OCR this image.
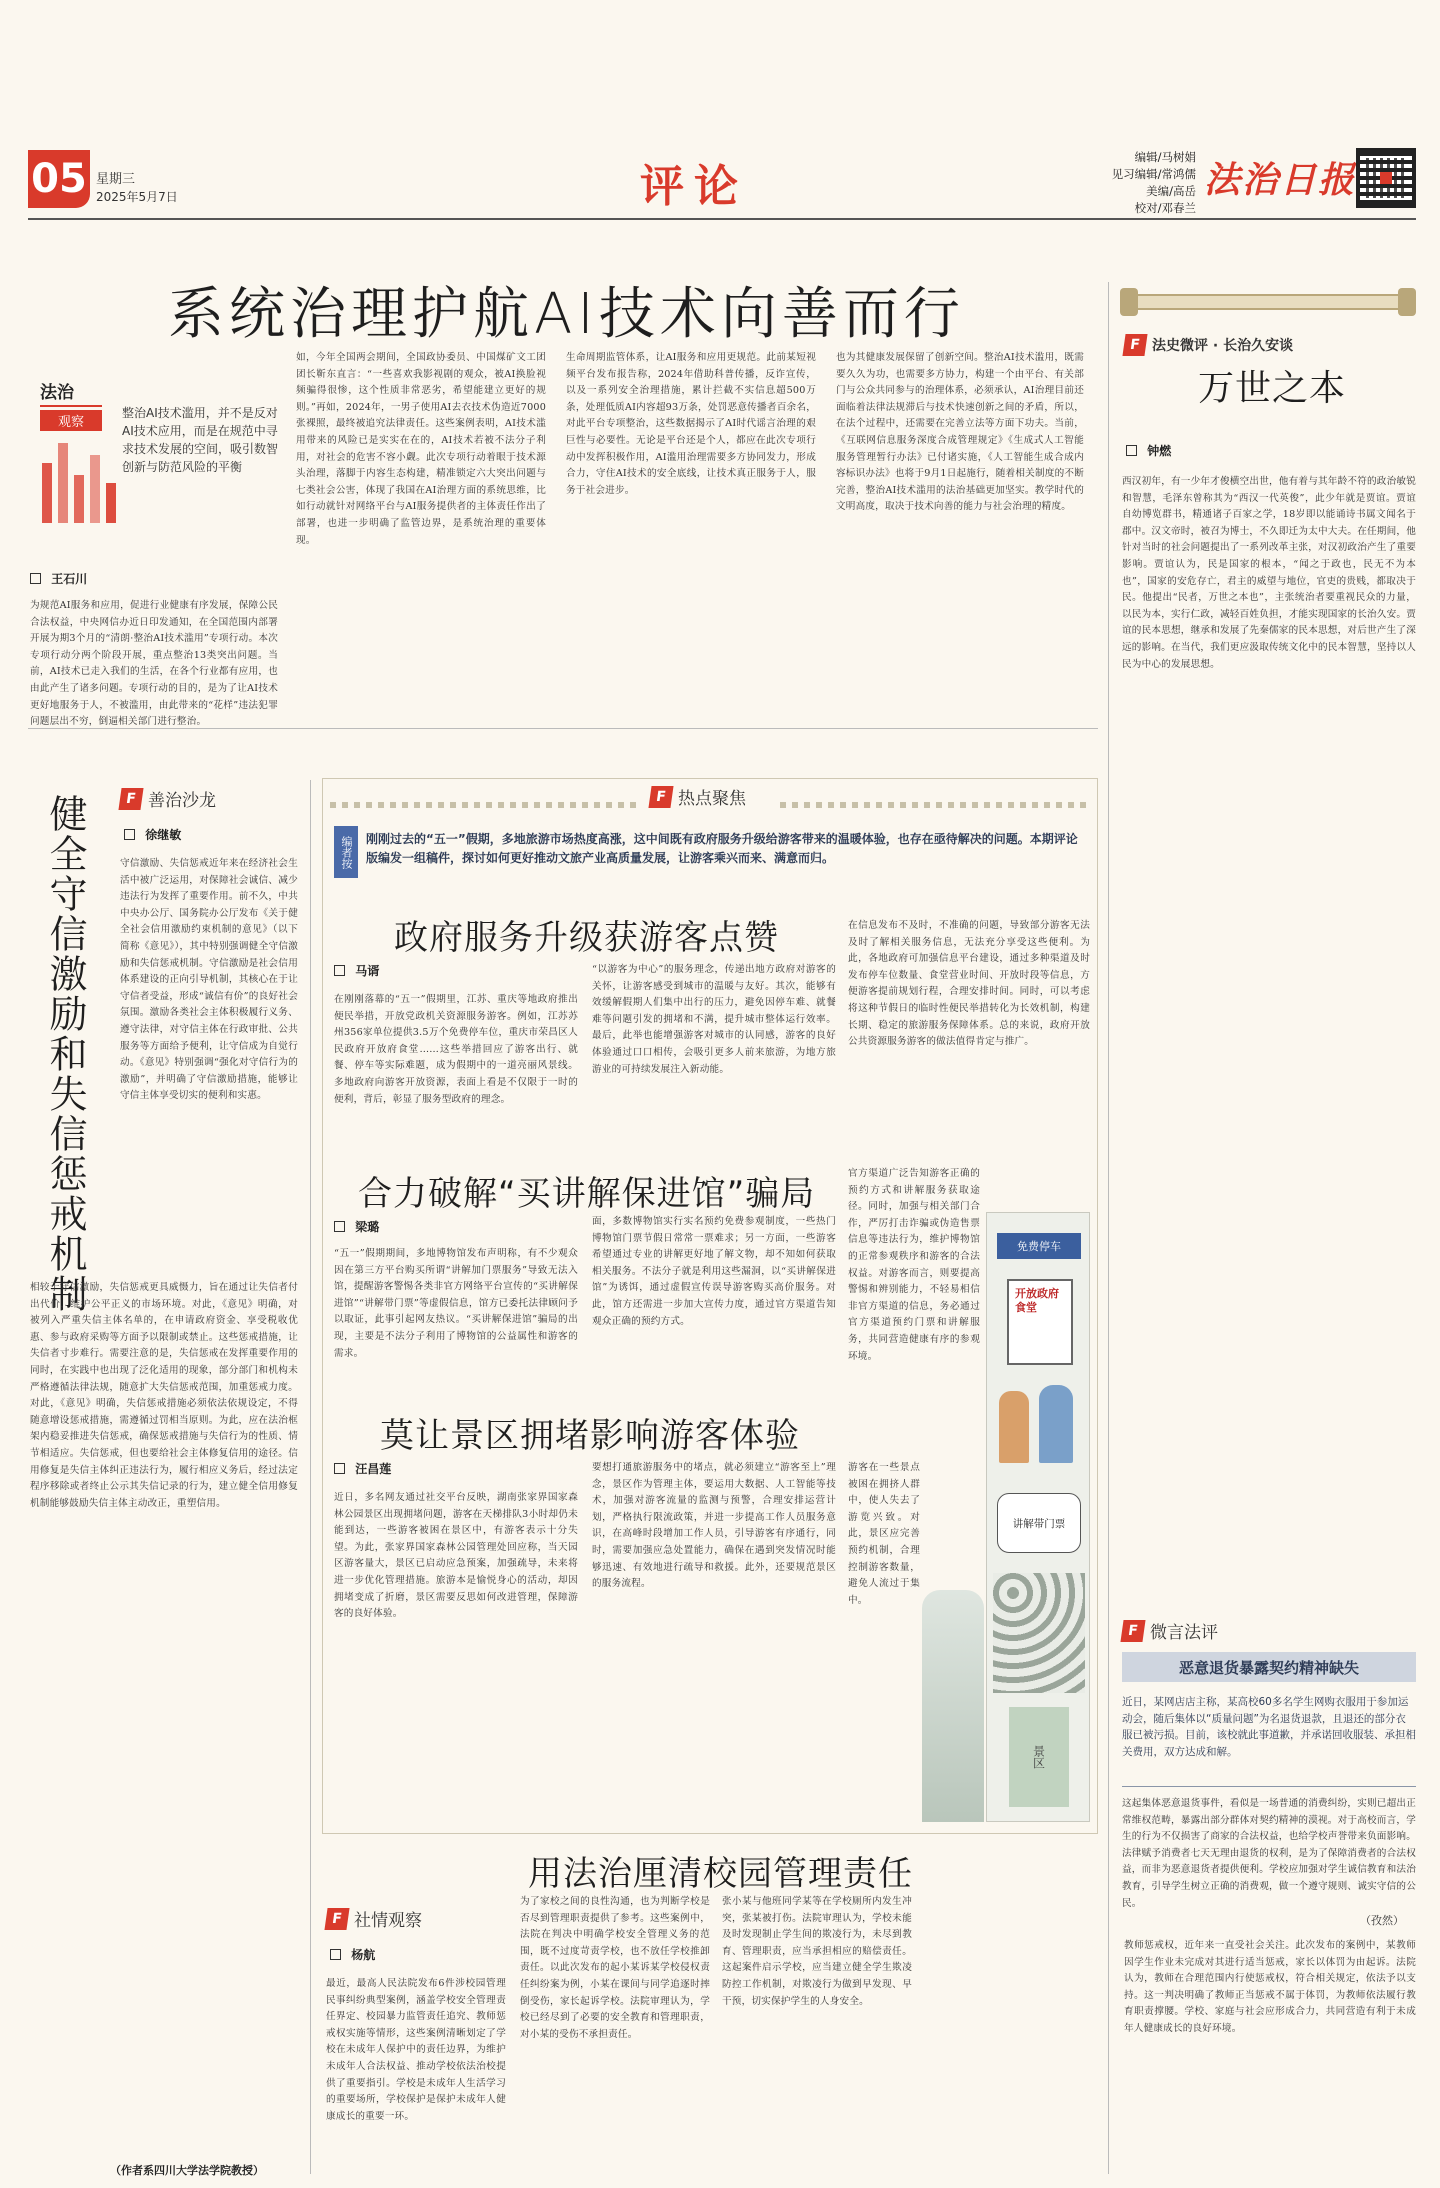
05 星期三
2025年5月7日	评论
编辑/马树娟
见习编辑/常鸿儒
美编/高岳
校对/邓春兰
法治日报
系统治理护航AI技术向善而行
法治
观察
整治AI技术滥用，并不是反对AI技术应用，而是在规范中寻求技术发展的空间，吸引数智创新与防范风险的平衡
王石川
为规范AI服务和应用，促进行业健康有序发展，保障公民合法权益，中央网信办近日印发通知，在全国范围内部署开展为期3个月的“清朗·整治AI技术滥用”专项行动。本次专项行动分两个阶段开展，重点整治13类突出问题。当前，AI技术已走入我们的生活，在各个行业都有应用，也由此产生了诸多问题。专项行动的目的，是为了让AI技术更好地服务于人，不被滥用，由此带来的“花样”违法犯罪问题层出不穷，倒逼相关部门进行整治。
如，今年全国两会期间，全国政协委员、中国煤矿文工团团长靳东直言：“一些喜欢我影视剧的观众，被AI换脸视频骗得很惨，这个性质非常恶劣，希望能建立更好的规则。”再如，2024年，一男子使用AI去衣技术伪造近7000张裸照，最终被追究法律责任。这些案例表明，AI技术滥用带来的风险已是实实在在的，AI技术若被不法分子利用，对社会的危害不容小觑。此次专项行动着眼于技术源头治理，落脚于内容生态构建，精准锁定六大突出问题与七类社会公害，体现了我国在AI治理方面的系统思维，比如行动就针对网络平台与AI服务提供者的主体责任作出了部署，也进一步明确了监管边界，是系统治理的重要体现。
生命周期监管体系，让AI服务和应用更规范。此前某短视频平台发布报告称，2024年借助科普传播，反诈宣传，以及一系列安全治理措施，累计拦截不实信息超500万条，处理低质AI内容超93万条，处罚恶意传播者百余名，对此平台专项整治，这些数据揭示了AI时代谣言治理的艰巨性与必要性。无论是平台还是个人，都应在此次专项行动中发挥积极作用，AI滥用治理需要多方协同发力，形成合力，守住AI技术的安全底线，让技术真正服务于人，服务于社会进步。
也为其健康发展保留了创新空间。整治AI技术滥用，既需要久久为功，也需要多方协力，构建一个由平台、有关部门与公众共同参与的治理体系，必须承认，AI治理目前还面临着法律法规滞后与技术快速创新之间的矛盾，所以，在法个过程中，还需要在完善立法等方面下功夫。当前，《互联网信息服务深度合成管理规定》《生成式人工智能服务管理暂行办法》已付诸实施，《人工智能生成合成内容标识办法》也将于9月1日起施行，随着相关制度的不断完善，整治AI技术滥用的法治基础更加坚实。教学时代的文明高度，取决于技术向善的能力与社会治理的精度。
F 法史微评 · 长治久安谈
万世之本
钟燃
西汉初年，有一少年才俊横空出世，他有着与其年龄不符的政治敏锐和智慧，毛泽东曾称其为“西汉一代英俊”，此少年就是贾谊。贾谊自幼博览群书，精通诸子百家之学，18岁即以能诵诗书属文闻名于郡中。汉文帝时，被召为博士，不久即迁为太中大夫。在任期间，他针对当时的社会问题提出了一系列改革主张，对汉初政治产生了重要影响。贾谊认为，民是国家的根本，“闻之于政也，民无不为本也”，国家的安危存亡，君主的威望与地位，官吏的贵贱，都取决于民。他提出“民者，万世之本也”，主张统治者要重视民众的力量，以民为本，实行仁政，减轻百姓负担，才能实现国家的长治久安。贾谊的民本思想，继承和发展了先秦儒家的民本思想，对后世产生了深远的影响。在当代，我们更应汲取传统文化中的民本智慧，坚持以人民为中心的发展思想。
F 微言法评
恶意退货暴露契约精神缺失
近日，某网店店主称，某高校60多名学生网购衣服用于参加运动会，随后集体以“质量问题”为名退货退款，且退还的部分衣服已被污损。目前，该校就此事道歉，并承诺回收服装、承担相关费用，双方达成和解。
这起集体恶意退货事件，看似是一场普通的消费纠纷，实则已超出正常维权范畴，暴露出部分群体对契约精神的漠视。对于高校而言，学生的行为不仅损害了商家的合法权益，也给学校声誉带来负面影响。法律赋予消费者七天无理由退货的权利，是为了保障消费者的合法权益，而非为恶意退货者提供便利。学校应加强对学生诚信教育和法治教育，引导学生树立正确的消费观，做一个遵守规则、诚实守信的公民。
（孜然）
F 善治沙龙
健全守信激励和失信惩戒机制	徐继敏
守信激励、失信惩戒近年来在经济社会生活中被广泛运用，对保障社会诚信、减少违法行为发挥了重要作用。前不久，中共中央办公厅、国务院办公厅发布《关于健全社会信用激励约束机制的意见》（以下简称《意见》），其中特别强调健全守信激励和失信惩戒机制。守信激励是社会信用体系建设的正向引导机制，其核心在于让守信者受益，形成“诚信有价”的良好社会氛围。激励各类社会主体积极履行义务、遵守法律，对守信主体在行政审批、公共服务等方面给予便利，让守信成为自觉行动。《意见》特别强调“强化对守信行为的激励”，并明确了守信激励措施，能够让守信主体享受切实的便利和实惠。
相较于守信激励，失信惩戒更具威慑力，旨在通过让失信者付出代价，维护公平正义的市场环境。对此，《意见》明确，对被列入严重失信主体名单的，在申请政府资金、享受税收优惠、参与政府采购等方面予以限制或禁止。这些惩戒措施，让失信者寸步难行。需要注意的是，失信惩戒在发挥重要作用的同时，在实践中也出现了泛化适用的现象，部分部门和机构未严格遵循法律法规，随意扩大失信惩戒范围，加重惩戒力度。对此，《意见》明确，失信惩戒措施必须依法依规设定，不得随意增设惩戒措施，需遵循过罚相当原则。为此，应在法治框架内稳妥推进失信惩戒，确保惩戒措施与失信行为的性质、情节相适应。失信惩戒，但也要给社会主体修复信用的途径。信用修复是失信主体纠正违法行为，履行相应义务后，经过法定程序移除或者终止公示其失信记录的行为，建立健全信用修复机制能够鼓励失信主体主动改正，重塑信用。
（作者系四川大学法学院教授）
F 热点聚焦
编者按 刚刚过去的“五一”假期，多地旅游市场热度高涨，这中间既有政府服务升级给游客带来的温暖体验，也存在亟待解决的问题。本期评论版编发一组稿件，探讨如何更好推动文旅产业高质量发展，让游客乘兴而来、满意而归。
政府服务升级获游客点赞
马谞
在刚刚落幕的“五一”假期里，江苏、重庆等地政府推出便民举措，开放党政机关资源服务游客。例如，江苏苏州356家单位提供3.5万个免费停车位，重庆市荣昌区人民政府开放府食堂……这些举措回应了游客出行、就餐、停车等实际难题，成为假期中的一道亮丽风景线。多地政府向游客开放资源，表面上看是不仅限于一时的便利，背后，彰显了服务型政府的理念。
“以游客为中心”的服务理念，传递出地方政府对游客的关怀，让游客感受到城市的温暖与友好。其次，能够有效缓解假期人们集中出行的压力，避免因停车难、就餐难等问题引发的拥堵和不满，提升城市整体运行效率。最后，此举也能增强游客对城市的认同感，游客的良好体验通过口口相传，会吸引更多人前来旅游，为地方旅游业的可持续发展注入新动能。
在信息发布不及时，不准确的问题，导致部分游客无法及时了解相关服务信息，无法充分享受这些便利。为此，各地政府可加强信息平台建设，通过多种渠道及时发布停车位数量、食堂营业时间、开放时段等信息，方便游客提前规划行程，合理安排时间。同时，可以考虑将这种节假日的临时性便民举措转化为长效机制，构建长期、稳定的旅游服务保障体系。总的来说，政府开放公共资源服务游客的做法值得肯定与推广。
合力破解“买讲解保进馆”骗局
梁璐
“五一”假期期间，多地博物馆发布声明称，有不少观众因在第三方平台购买所谓“讲解加门票服务”导致无法入馆，提醒游客警惕各类非官方网络平台宣传的“买讲解保进馆”“讲解带门票”等虚假信息，馆方已委托法律顾问予以取证，此事引起网友热议。“买讲解保进馆”骗局的出现，主要是不法分子利用了博物馆的公益属性和游客的需求。
面，多数博物馆实行实名预约免费参观制度，一些热门博物馆门票节假日常常一票难求；另一方面，一些游客希望通过专业的讲解更好地了解文物，却不知如何获取相关服务。不法分子就是利用这些漏洞，以“买讲解保进馆”为诱饵，通过虚假宣传误导游客购买高价服务。对此，馆方还需进一步加大宣传力度，通过官方渠道告知观众正确的预约方式。
官方渠道广泛告知游客正确的预约方式和讲解服务获取途径。同时，加强与相关部门合作，严厉打击诈骗或伪造售票信息等违法行为，维护博物馆的正常参观秩序和游客的合法权益。对游客而言，则要提高警惕和辨别能力，不轻易相信非官方渠道的信息，务必通过官方渠道预约门票和讲解服务，共同营造健康有序的参观环境。
免费停车
开放政府食堂
讲解带门票
景区
莫让景区拥堵影响游客体验
汪昌莲
近日，多名网友通过社交平台反映，湖南张家界国家森林公园景区出现拥堵问题，游客在天梯排队3小时却仍未能到达，一些游客被困在景区中，有游客表示十分失望。为此，张家界国家森林公园管理处回应称，当天园区游客量大，景区已启动应急预案，加强疏导，未来将进一步优化管理措施。旅游本是愉悦身心的活动，却因拥堵变成了折磨，景区需要反思如何改进管理，保障游客的良好体验。
要想打通旅游服务中的堵点，就必须建立“游客至上”理念，景区作为管理主体，要运用大数据、人工智能等技术，加强对游客流量的监测与预警，合理安排运营计划，严格执行限流政策，并进一步提高工作人员服务意识，在高峰时段增加工作人员，引导游客有序通行，同时，需要加强应急处置能力，确保在遇到突发情况时能够迅速、有效地进行疏导和救援。此外，还要规范景区的服务流程。
游客在一些景点被困在拥挤人群中，使人失去了游览兴致。对此，景区应完善预约机制，合理控制游客数量，避免人流过于集中。
用法治厘清校园管理责任
F 社情观察
杨航
最近，最高人民法院发布6件涉校园管理民事纠纷典型案例，涵盖学校安全管理责任界定、校园暴力监管责任追究、教师惩戒权实施等情形，这些案例清晰划定了学校在未成年人保护中的责任边界，为维护未成年人合法权益、推动学校依法治校提供了重要指引。学校是未成年人生活学习的重要场所，学校保护是保护未成年人健康成长的重要一环。
为了家校之间的良性沟通，也为判断学校是否尽到管理职责提供了参考。这些案例中，法院在判决中明确学校安全管理义务的范围，既不过度苛责学校，也不放任学校推卸责任。以此次发布的起小某诉某学校侵权责任纠纷案为例，小某在课间与同学追逐时摔倒受伤，家长起诉学校。法院审理认为，学校已经尽到了必要的安全教育和管理职责，对小某的受伤不承担责任。
张小某与他班同学某等在学校厕所内发生冲突，张某被打伤。法院审理认为，学校未能及时发现制止学生间的欺凌行为，未尽到教育、管理职责，应当承担相应的赔偿责任。这起案件启示学校，应当建立健全学生欺凌防控工作机制，对欺凌行为做到早发现、早干预，切实保护学生的人身安全。
教师惩戒权，近年来一直受社会关注。此次发布的案例中，某教师因学生作业未完成对其进行适当惩戒，家长以体罚为由起诉。法院认为，教师在合理范围内行使惩戒权，符合相关规定，依法予以支持。这一判决明确了教师正当惩戒不属于体罚，为教师依法履行教育职责撑腰。学校、家庭与社会应形成合力，共同营造有利于未成年人健康成长的良好环境。
